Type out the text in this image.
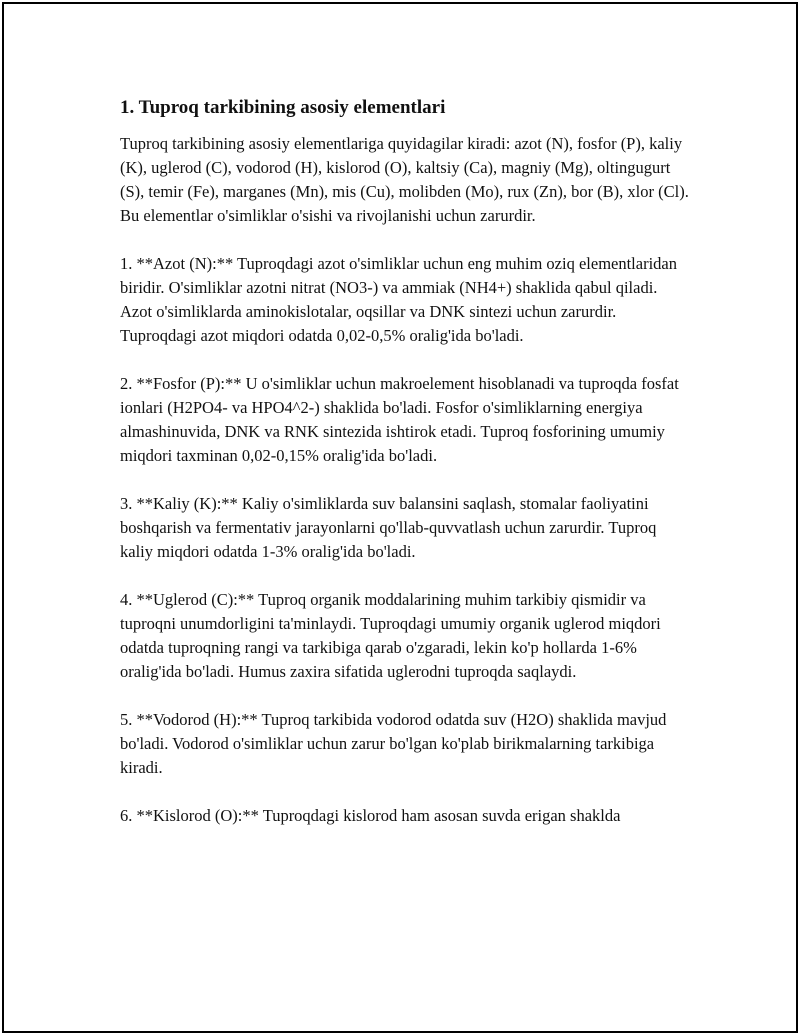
1. Tuproq tarkibining asosiy elementlari

Tuproq tarkibining asosiy elementlariga quyidagilar kiradi: azot (N), fosfor (P), kaliy (K), uglerod (C), vodorod (H), kislorod (O), kaltsiy (Ca), magniy (Mg), oltingugurt (S), temir (Fe), marganes (Mn), mis (Cu), molibden (Mo), rux (Zn), bor (B), xlor (Cl). Bu elementlar o'simliklar o'sishi va rivojlanishi uchun zarurdir.

1. **Azot (N):** Tuproqdagi azot o'simliklar uchun eng muhim oziq elementlaridan biridir. O'simliklar azotni nitrat (NO3-) va ammiak (NH4+) shaklida qabul qiladi. Azot o'simliklarda aminokislotalar, oqsillar va DNK sintezi uchun zarurdir. Tuproqdagi azot miqdori odatda 0,02-0,5% oralig'ida bo'ladi.

2. **Fosfor (P):** U o'simliklar uchun makroelement hisoblanadi va tuproqda fosfat ionlari (H2PO4- va HPO4^2-) shaklida bo'ladi. Fosfor o'simliklarning energiya almashinuvida, DNK va RNK sintezida ishtirok etadi. Tuproq fosforining umumiy miqdori taxminan 0,02-0,15% oralig'ida bo'ladi.

3. **Kaliy (K):** Kaliy o'simliklarda suv balansini saqlash, stomalar faoliyatini boshqarish va fermentativ jarayonlarni qo'llab-quvvatlash uchun zarurdir. Tuproq kaliy miqdori odatda 1-3% oralig'ida bo'ladi.

4. **Uglerod (C):** Tuproq organik moddalarining muhim tarkibiy qismidir va tuproqni unumdorligini ta'minlaydi. Tuproqdagi umumiy organik uglerod miqdori odatda tuproqning rangi va tarkibiga qarab o'zgaradi, lekin ko'p hollarda 1-6% oralig'ida bo'ladi. Humus zaxira sifatida uglerodni tuproqda saqlaydi.

5. **Vodorod (H):** Tuproq tarkibida vodorod odatda suv (H2O) shaklida mavjud bo'ladi. Vodorod o'simliklar uchun zarur bo'lgan ko'plab birikmalarning tarkibiga kiradi.

6. **Kislorod (O):** Tuproqdagi kislorod ham asosan suvda erigan shaklda
